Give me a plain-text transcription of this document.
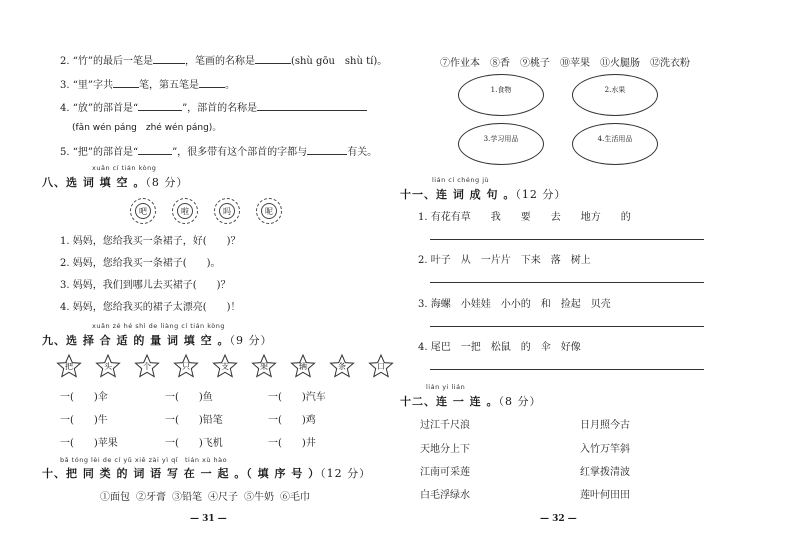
2. “竹”的最后一笔是	，笔画的名称是	(shù gōu　shù tí)。
3. “里”字共	笔，第五笔是	。
4. “放”的部首是“	”，部首的名称是
(fǎn wén páng　zhé wén páng)。
5. “把”的部首是“	”，很多带有这个部首的字都与	有关。
xuǎn cí tián kòng
八、选 词 填 空 。（8 分）
吧	啦	吗	呢
1. 妈妈，您给我买一条裙子，好(　　)？
2. 妈妈，您给我买一条裙子(　　)。
3. 妈妈，我们到哪儿去买裙子(　　)？
4. 妈妈，您给我买的裙子太漂亮(　　)！
xuǎn zé hé shì de liàng cí tián kòng
九、选 择 合 适 的 量 词 填 空 。（9 分）
把	头	个	只	支	架	辆	条	口
一(　　)伞	一(　　)鱼	一(　　)汽车
一(　　)牛	一(　　)铅笔	一(　　)鸡
一(　　)苹果	一(　　)飞机	一(　　)井
bǎ tóng lèi de cí yǔ xiě zài yì qǐ　tián xù hào
十、把 同 类 的 词 语 写 在 一 起 。（ 填 序 号 ）（12 分）
①面包 ②牙膏 ③铅笔 ④尺子 ⑤牛奶 ⑥毛巾
— 31 —
⑦作业本 ⑧香 ⑨桃子 ⑩苹果 ⑪火腿肠 ⑫洗衣粉
1.食物	2.水果
3.学习用品	4.生活用品
lián cí chéng jù
十一、连 词 成 句 。（12 分）
1. 有花有草　　我　　要　　去　　地方　　的
2. 叶子　从　一片片　下来　落　树上
3. 海螺　小娃娃　小小的　和　捡起　贝壳
4. 尾巴　一把　松鼠　的　伞　好像
lián yi lián
十二、连 一 连 。（8 分）
过江千尺浪
天地分上下
江南可采莲
白毛浮绿水
日月照今古
入竹万竿斜
红掌拨清波
莲叶何田田
— 32 —
